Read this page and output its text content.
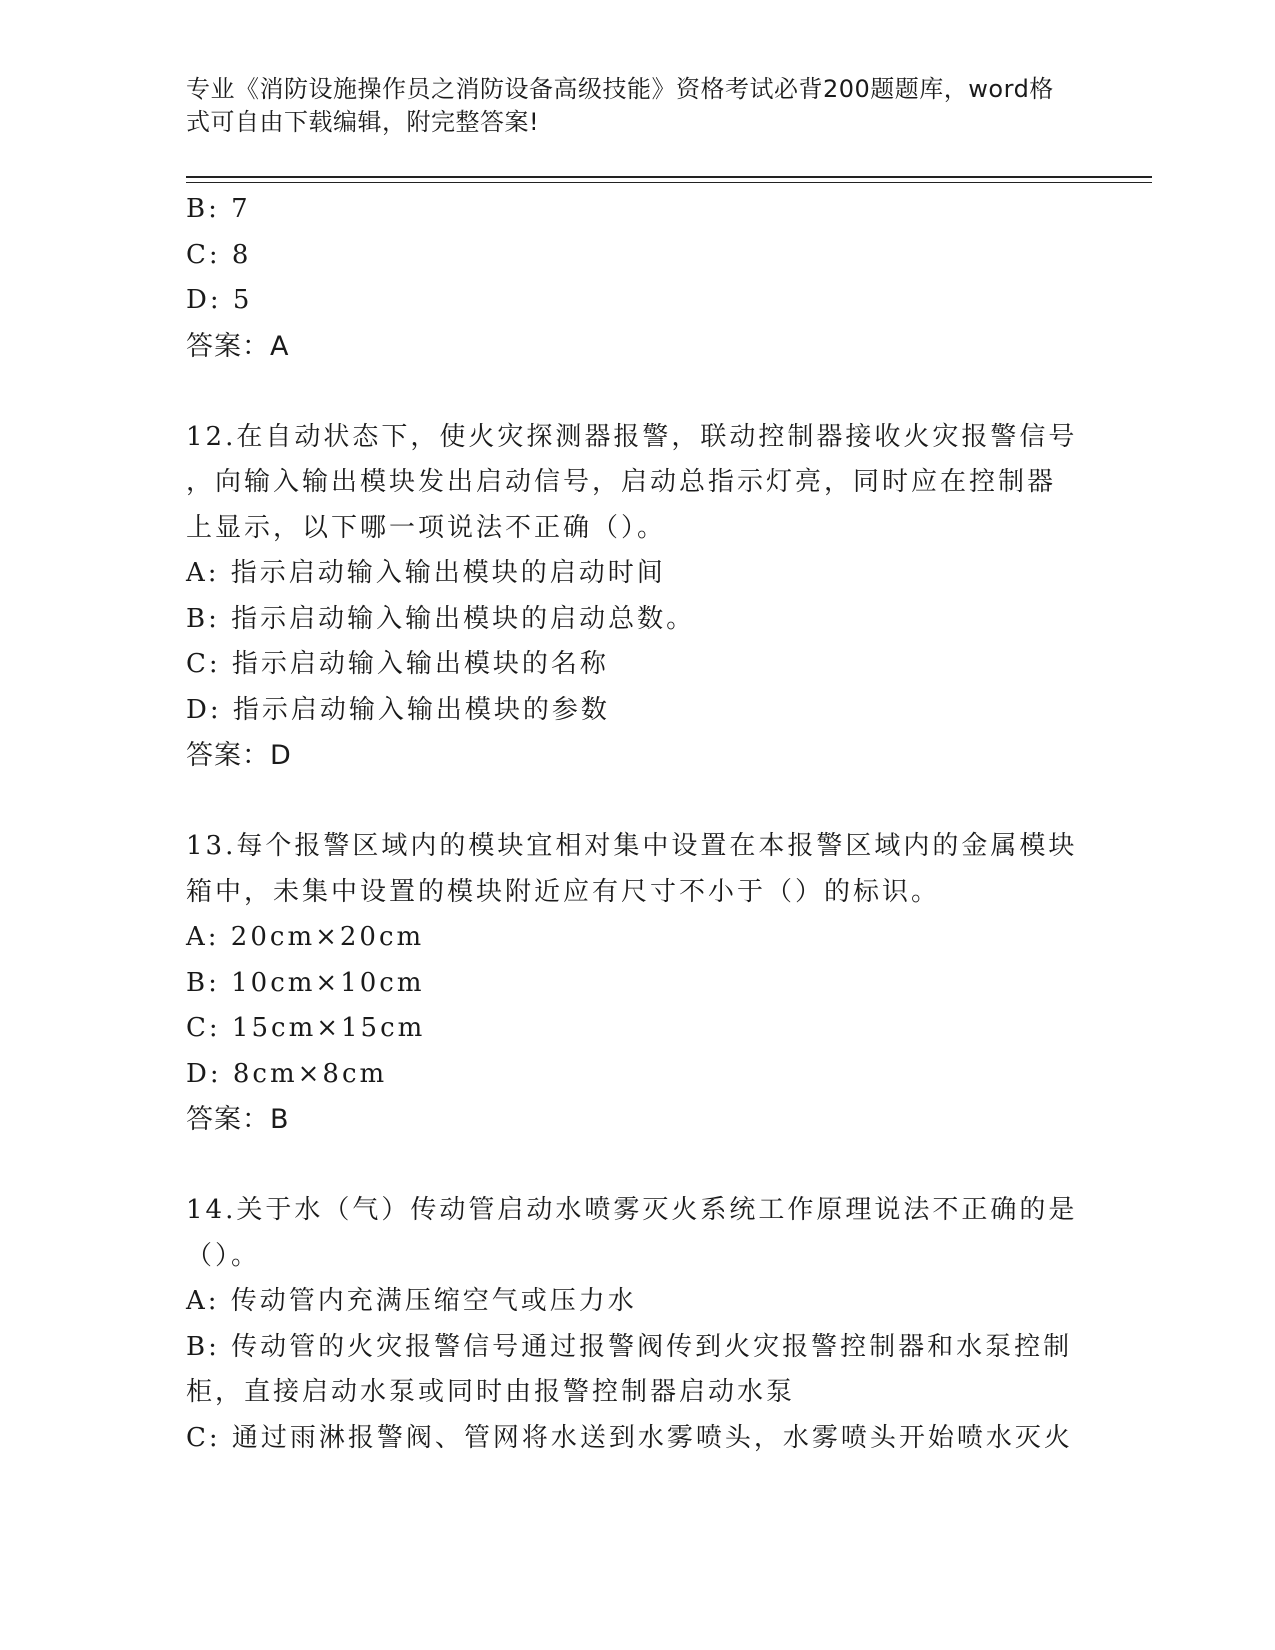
专业《消防设施操作员之消防设备高级技能》资格考试必背200题题库，word格
式可自由下载编辑，附完整答案!
B: 7
C: 8
D: 5
答案：A
12.在自动状态下，使火灾探测器报警，联动控制器接收火灾报警信号
，向输入输出模块发出启动信号，启动总指示灯亮，同时应在控制器
上显示，以下哪一项说法不正确（）。
A: 指示启动输入输出模块的启动时间
B: 指示启动输入输出模块的启动总数。
C: 指示启动输入输出模块的名称
D: 指示启动输入输出模块的参数
答案：D
13.每个报警区域内的模块宜相对集中设置在本报警区域内的金属模块
箱中，未集中设置的模块附近应有尺寸不小于（）的标识。
A: 20cm×20cm
B: 10cm×10cm
C: 15cm×15cm
D: 8cm×8cm
答案：B
14.关于水（气）传动管启动水喷雾灭火系统工作原理说法不正确的是
（）。
A: 传动管内充满压缩空气或压力水
B: 传动管的火灾报警信号通过报警阀传到火灾报警控制器和水泵控制
柜，直接启动水泵或同时由报警控制器启动水泵
C: 通过雨淋报警阀、管网将水送到水雾喷头，水雾喷头开始喷水灭火
